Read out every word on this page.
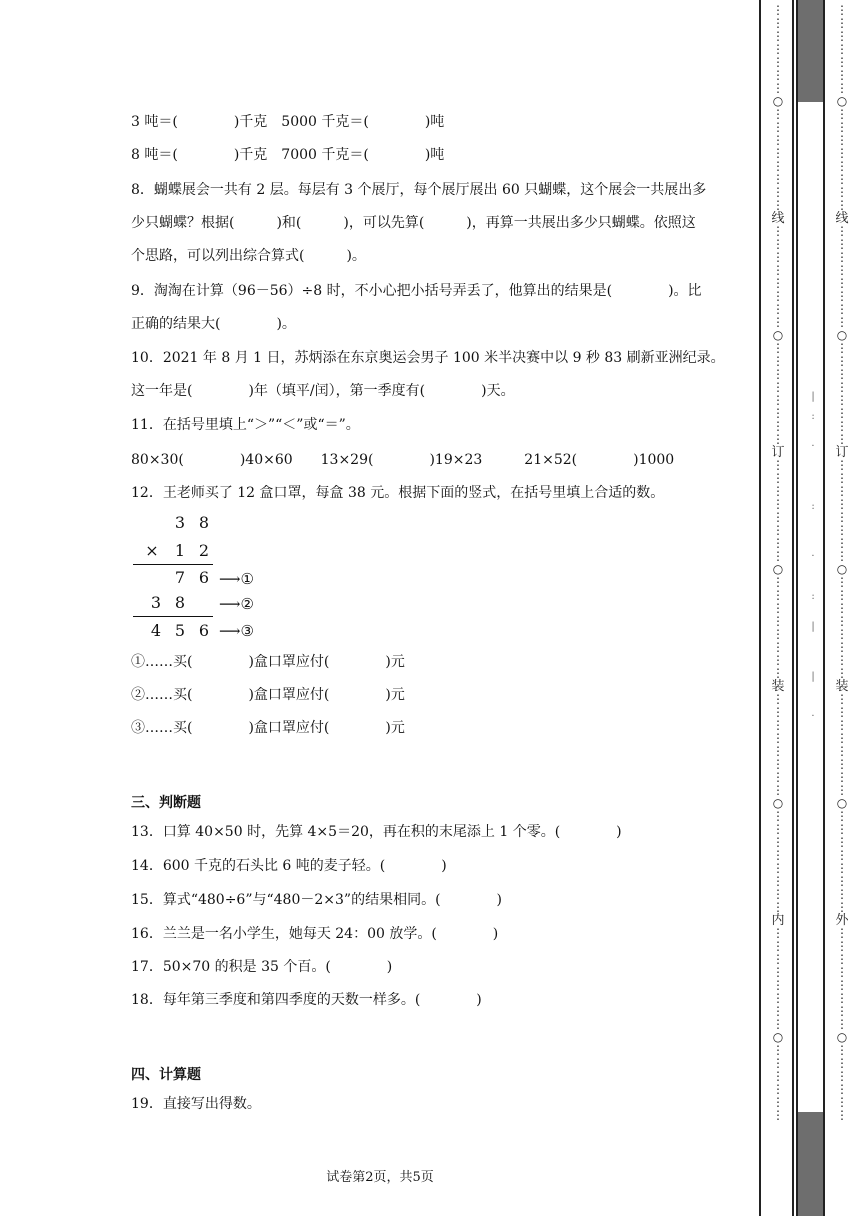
3 吨＝(　　　　)千克　5000 千克＝(　　　　)吨
8 吨＝(　　　　)千克　7000 千克＝(　　　　)吨
8．蝴蝶展会一共有 2 层。每层有 3 个展厅，每个展厅展出 60 只蝴蝶，这个展会一共展出多
少只蝴蝶？根据(　　　)和(　　　)，可以先算(　　　)，再算一共展出多少只蝴蝶。依照这
个思路，可以列出综合算式(　　　)。
9．淘淘在计算（96－56）÷8 时，不小心把小括号弄丢了，他算出的结果是(　　　　)。比
正确的结果大(　　　　)。
10．2021 年 8 月 1 日，苏炳添在东京奥运会男子 100 米半决赛中以 9 秒 83 刷新亚洲纪录。
这一年是(　　　　)年（填平/闰），第一季度有(　　　　)天。
11．在括号里填上“＞”“＜”或“＝”。
80×30(　　　　)40×60　　13×29(　　　　)19×23　　　21×52(　　　　)1000
12．王老师买了 12 盒口罩，每盒 38 元。根据下面的竖式，在括号里填上合适的数。
3 8
× 1 2
7 6 ⟶①
3 8 ⟶②
4 5 6 ⟶③
①……买(　　　　)盒口罩应付(　　　　)元
②……买(　　　　)盒口罩应付(　　　　)元
③……买(　　　　)盒口罩应付(　　　　)元
三、判断题
13．口算 40×50 时，先算 4×5＝20，再在积的末尾添上 1 个零。(　　　　)
14．600 千克的石头比 6 吨的麦子轻。(　　　　)
15．算式“480÷6”与“480－2×3”的结果相同。(　　　　)
16．兰兰是一名小学生，她每天 24：00 放学。(　　　　)
17．50×70 的积是 35 个百。(　　　　)
18．每年第三季度和第四季度的天数一样多。(　　　　)
四、计算题
19．直接写出得数。
试卷第2页，共5页
⋮
⋮
⋮
⋮
⋮
⋮
⋮
○
⋮
⋮
⋮
⋮
⋮
⋮
⋮
⋮
线
⋮
⋮
⋮
⋮
⋮
⋮
⋮
⋮
○
⋮
⋮
⋮
⋮
⋮
⋮
⋮
⋮
订
⋮
⋮
⋮
⋮
⋮
⋮
⋮
⋮
○
⋮
⋮
⋮
⋮
⋮
⋮
⋮
⋮
装
⋮
⋮
⋮
⋮
⋮
⋮
⋮
⋮
○
⋮
⋮
⋮
⋮
⋮
⋮
⋮
⋮
内
⋮
⋮
⋮
⋮
⋮
⋮
⋮
⋮
○
⋮
⋮
⋮
⋮
⋮
⋮
⋮
⋮
⋮
⋮
⋮
⋮
⋮
○
⋮
⋮
⋮
⋮
⋮
⋮
⋮
⋮
线
⋮
⋮
⋮
⋮
⋮
⋮
⋮
⋮
○
⋮
⋮
⋮
⋮
⋮
⋮
⋮
⋮
订
⋮
⋮
⋮
⋮
⋮
⋮
⋮
⋮
○
⋮
⋮
⋮
⋮
⋮
⋮
⋮
⋮
装
⋮
⋮
⋮
⋮
⋮
⋮
⋮
⋮
○
⋮
⋮
⋮
⋮
⋮
⋮
⋮
⋮
外
⋮
⋮
⋮
⋮
⋮
⋮
⋮
⋮
○
⋮
⋮
⋮
⋮
⋮
⋮
|
:
·
:
·
:
|
|
·
